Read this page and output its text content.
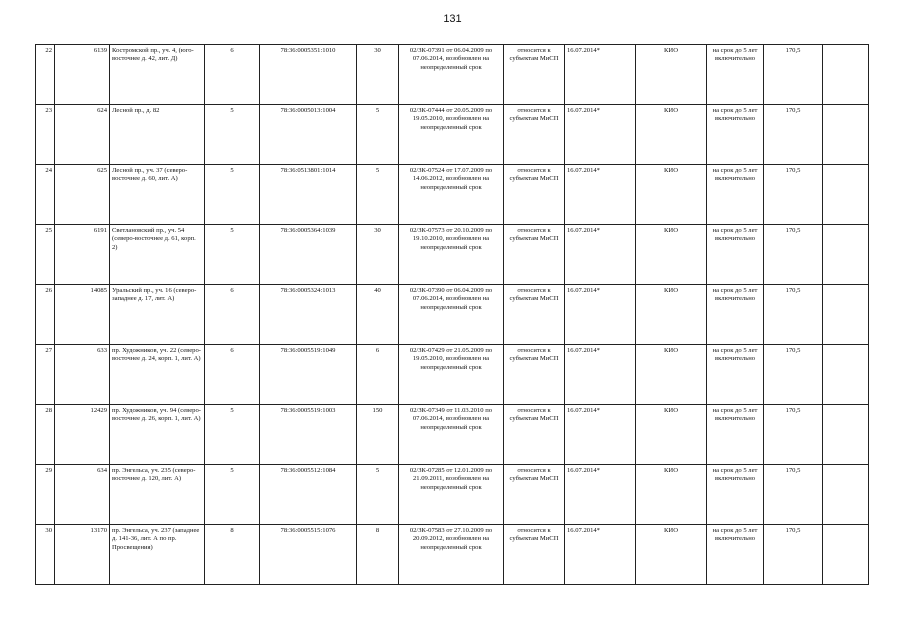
131
22	6139	Костромской пр., уч. 4, (юго-восточнее д. 42, лит. Д)	6	78:36:0005351:1010	30	02/ЗК-07391 от 06.04.2009 по 07.06.2014, возобновлен на неопределенный срок	относится к субъектам МиСП	16.07.2014*	КИО	на срок до 5 лет включительно	170,5	
23	624	Лесной пр., д. 82	5	78:36:0005013:1004	5	02/ЗК-07444 от 20.05.2009 по 19.05.2010, возобновлен на неопределенный срок	относится к субъектам МиСП	16.07.2014*	КИО	на срок до 5 лет включительно	170,5	
24	625	Лесной пр., уч. 37 (северо-восточнее д. 60, лит. А)	5	78:36:0513801:1014	5	02/ЗК-07524 от 17.07.2009 по 14.06.2012, возобновлен на неопределенный срок	относится к субъектам МиСП	16.07.2014*	КИО	на срок до 5 лет включительно	170,5	
25	6191	Светлановский пр., уч. 54 (северо-восточнее д. 61, корп. 2)	5	78:36:0005364:1039	30	02/ЗК-07573 от 20.10.2009 по 19.10.2010, возобновлен на неопределенный срок	относится к субъектам МиСП	16.07.2014*	КИО	на срок до 5 лет включительно	170,5	
26	14085	Уральский пр., уч. 16 (северо-западнее д. 17, лит. А)	6	78:36:0005324:1013	40	02/ЗК-07390 от 06.04.2009 по 07.06.2014, возобновлен на неопределенный срок	относится к субъектам МиСП	16.07.2014*	КИО	на срок до 5 лет включительно	170,5	
27	633	пр. Художников, уч. 22 (северо-восточнее д. 24, корп. 1, лит. А)	6	78:36:0005519:1049	6	02/ЗК-07429 от 21.05.2009 по 19.05.2010, возобновлен на неопределенный срок	относится к субъектам МиСП	16.07.2014*	КИО	на срок до 5 лет включительно	170,5	
28	12429	пр. Художников, уч. 94 (северо-восточнее д. 26, корп. 1, лит. А)	5	78:36:0005519:1003	150	02/ЗК-07349 от 11.03.2010 по 07.06.2014, возобновлен на неопределенный срок	относится к субъектам МиСП	16.07.2014*	КИО	на срок до 5 лет включительно	170,5	
29	634	пр. Энгельса, уч. 235 (северо-восточнее д. 120, лит. А)	5	78:36:0005512:1084	5	02/ЗК-07285 от 12.01.2009 по 21.09.2011, возобновлен на неопределенный срок	относится к субъектам МиСП	16.07.2014*	КИО	на срок до 5 лет включительно	170,5	
30	13170	пр. Энгельса, уч. 237 (западнее д. 141-36, лит. А по пр. Просвещения)	8	78:36:0005515:1076	8	02/ЗК-07583 от 27.10.2009 по 20.09.2012, возобновлен на неопределенный срок	относится к субъектам МиСП	16.07.2014*	КИО	на срок до 5 лет включительно	170,5	
